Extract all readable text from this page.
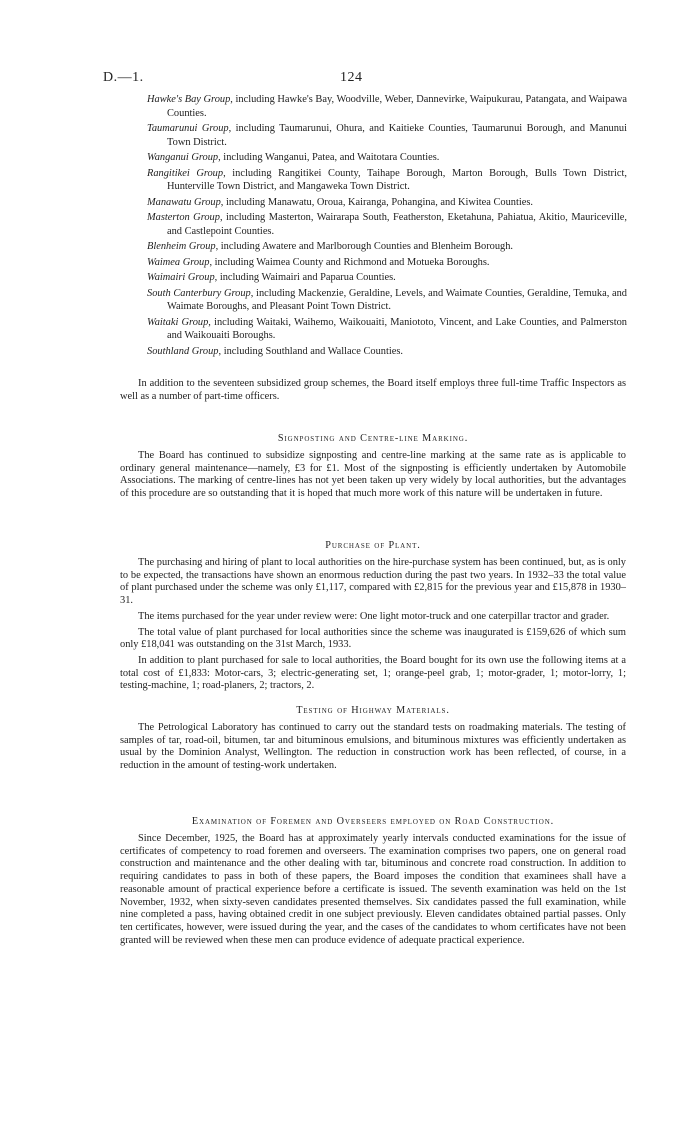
D.—1.	124

Hawke's Bay Group, including Hawke's Bay, Woodville, Weber, Dannevirke, Waipukurau, Patangata, and Waipawa Counties.

Taumarunui Group, including Taumarunui, Ohura, and Kaitieke Counties, Taumarunui Borough, and Manunui Town District.

Wanganui Group, including Wanganui, Patea, and Waitotara Counties.

Rangitikei Group, including Rangitikei County, Taihape Borough, Marton Borough, Bulls Town District, Hunterville Town District, and Mangaweka Town District.

Manawatu Group, including Manawatu, Oroua, Kairanga, Pohangina, and Kiwitea Counties.

Masterton Group, including Masterton, Wairarapa South, Featherston, Eketahuna, Pahiatua, Akitio, Mauriceville, and Castlepoint Counties.

Blenheim Group, including Awatere and Marlborough Counties and Blenheim Borough.

Waimea Group, including Waimea County and Richmond and Motueka Boroughs.

Waimairi Group, including Waimairi and Paparua Counties.

South Canterbury Group, including Mackenzie, Geraldine, Levels, and Waimate Counties, Geraldine, Temuka, and Waimate Boroughs, and Pleasant Point Town District.

Waitaki Group, including Waitaki, Waihemo, Waikouaiti, Maniototo, Vincent, and Lake Counties, and Palmerston and Waikouaiti Boroughs.

Southland Group, including Southland and Wallace Counties.

In addition to the seventeen subsidized group schemes, the Board itself employs three full-time Traffic Inspectors as well as a number of part-time officers.

Signposting and Centre-line Marking.

The Board has continued to subsidize signposting and centre-line marking at the same rate as is applicable to ordinary general maintenance—namely, £3 for £1. Most of the signposting is efficiently undertaken by Automobile Associations. The marking of centre-lines has not yet been taken up very widely by local authorities, but the advantages of this procedure are so outstanding that it is hoped that much more work of this nature will be undertaken in future.

Purchase of Plant.

The purchasing and hiring of plant to local authorities on the hire-purchase system has been continued, but, as is only to be expected, the transactions have shown an enormous reduction during the past two years. In 1932–33 the total value of plant purchased under the scheme was only £1,117, compared with £2,815 for the previous year and £15,878 in 1930–31.

The items purchased for the year under review were: One light motor-truck and one caterpillar tractor and grader.

The total value of plant purchased for local authorities since the scheme was inaugurated is £159,626 of which sum only £18,041 was outstanding on the 31st March, 1933.

In addition to plant purchased for sale to local authorities, the Board bought for its own use the following items at a total cost of £1,833: Motor-cars, 3; electric-generating set, 1; orange-peel grab, 1; motor-grader, 1; motor-lorry, 1; testing-machine, 1; road-planers, 2; tractors, 2.

Testing of Highway Materials.

The Petrological Laboratory has continued to carry out the standard tests on roadmaking materials. The testing of samples of tar, road-oil, bitumen, tar and bituminous emulsions, and bituminous mixtures was efficiently undertaken as usual by the Dominion Analyst, Wellington. The reduction in construction work has been reflected, of course, in a reduction in the amount of testing-work undertaken.

Examination of Foremen and Overseers employed on Road Construction.

Since December, 1925, the Board has at approximately yearly intervals conducted examinations for the issue of certificates of competency to road foremen and overseers. The examination comprises two papers, one on general road construction and maintenance and the other dealing with tar, bituminous and concrete road construction. In addition to requiring candidates to pass in both of these papers, the Board imposes the condition that examinees shall have a reasonable amount of practical experience before a certificate is issued. The seventh examination was held on the 1st November, 1932, when sixty-seven candidates presented themselves. Six candidates passed the full examination, while nine completed a pass, having obtained credit in one subject previously. Eleven candidates obtained partial passes. Only ten certificates, however, were issued during the year, and the cases of the candidates to whom certificates have not been granted will be reviewed when these men can produce evidence of adequate practical experience.
